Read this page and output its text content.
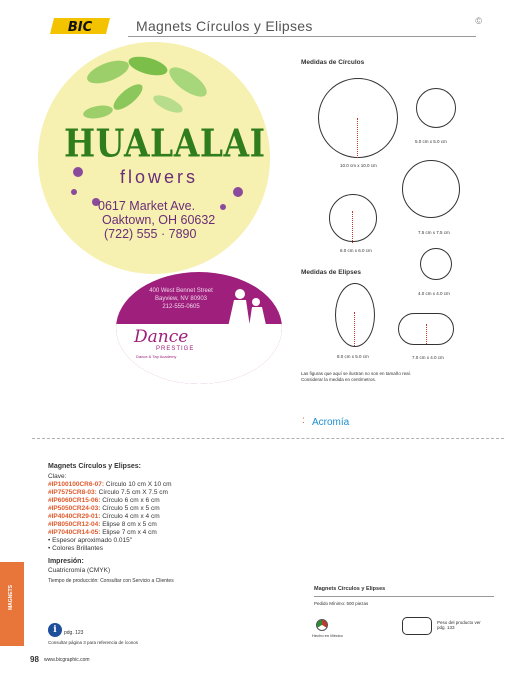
BIC	Magnets Círculos y Elipses	©
HUALALAI
flowers
0617 Market Ave.
Oaktown, OH 60632
(722) 555 · 7890
400 West Bennet Street
Bayview, NV 80903
212-555-0605
Dance
PRESTIGE
Dance & Tap Academy
Medidas de Círculos
10.0 cm x 10.0 cm
5.0 cm x 5.0 cm
6.0 cm x 6.0 cm
7.5 cm x 7.5 cm
Medidas de Elipses
4.0 cm x 4.0 cm
8.0 cm x 5.0 cm	7.0 cm x 4.0 cm
Las figuras que aquí se ilustran no son en tamaño real.
Considerar la medida en centímetros.
: Acromía
Magnets Círculos y Elipses:
Clave:
#IP100100CR6-07: Círculo 10 cm X 10 cm
#IP7575CR8-03: Círculo 7.5 cm X 7.5 cm
#IP6060CR15-06: Círculo 6 cm x 6 cm
#IP5050CR24-03: Círculo 5 cm x 5 cm
#IP4040CR29-01: Círculo 4 cm x 4 cm
#IP8050CR12-04: Elipse 8 cm x 5 cm
#IP7040CR14-05: Elipse 7 cm x 4 cm
• Espesor aproximado 0.015"
• Colores Brillantes
Impresión:
Cuatricromía (CMYK)
Tiempo de producción: Consultar con Servicio a Clientes
MAGNETS
i	pdg. 123
Consultar página 3 para referencia de íconos
98 www.bicgraphic.com
Magnets Círculos y Elipses
Pedido Mínimo: 500 piezas
Hecho en México
Peso del producto ver pdg. 133
